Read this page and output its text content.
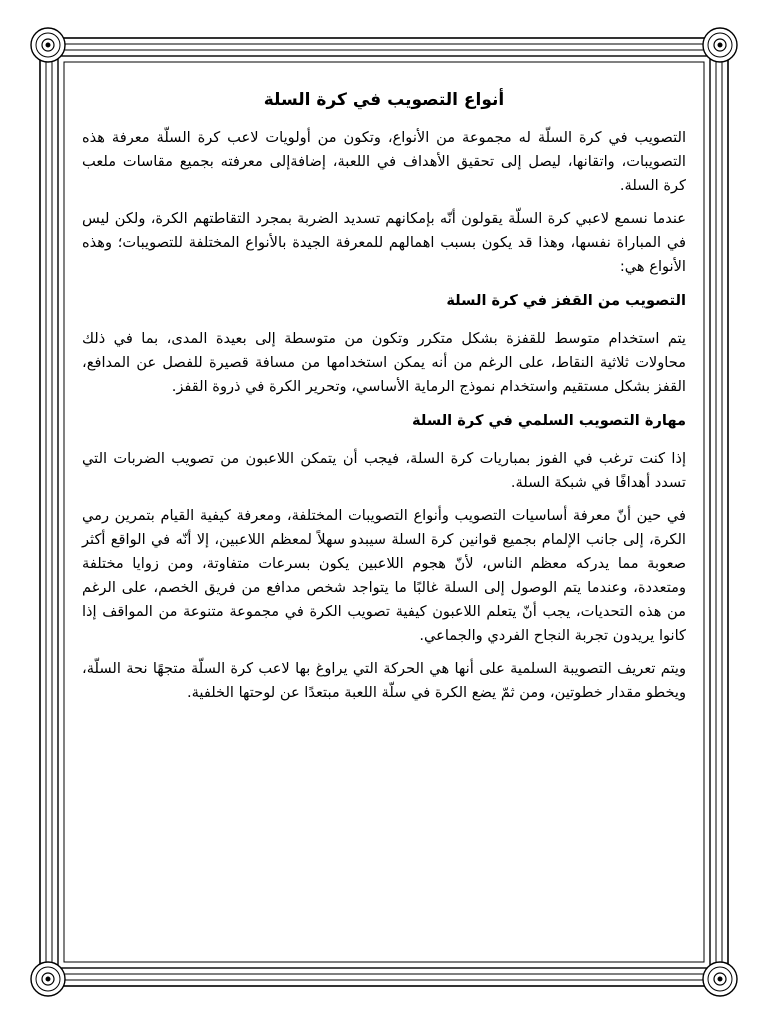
أنواع التصويب في كرة السلة

التصويب في كرة السلّة له مجموعة من الأنواع، وتكون من أولويات لاعب كرة السلّة معرفة هذه التصويبات، واتقانها، ليصل إلى تحقيق الأهداف في اللعبة، إضافةإلى معرفته بجميع مقاسات ملعب كرة السلة.

عندما نسمع لاعبي كرة السلّة يقولون أنّه بإمكانهم تسديد الضربة بمجرد التقاطتهم الكرة، ولكن ليس في المباراة نفسها، وهذا قد يكون بسبب اهمالهم للمعرفة الجيدة بالأنواع المختلفة للتصويبات؛ وهذه الأنواع هي:

التصويب من القفز في كرة السلة

يتم استخدام متوسط للقفزة بشكل متكرر وتكون من متوسطة إلى بعيدة المدى، بما في ذلك محاولات ثلاثية النقاط، على الرغم من أنه يمكن استخدامها من مسافة قصيرة للفصل عن المدافع، القفز بشكل مستقيم واستخدام نموذج الرماية الأساسي، وتحرير الكرة في ذروة القفز.

مهارة التصويب السلمي في كرة السلة

إذا كنت ترغب في الفوز بمباريات كرة السلة، فيجب أن يتمكن اللاعبون من تصويب الضربات التي تسدد أهدافًا في شبكة السلة.

في حين أنّ معرفة أساسيات التصويب وأنواع التصويبات المختلفة، ومعرفة كيفية القيام بتمرين رمي الكرة، إلى جانب الإلمام بجميع قوانين كرة السلة سيبدو سهلاً لمعظم اللاعبين، إلا أنّه في الواقع أكثر صعوبة مما يدركه معظم الناس، لأنّ هجوم اللاعبين يكون بسرعات متفاوتة، ومن زوايا مختلفة ومتعددة، وعندما يتم الوصول إلى السلة غالبًا ما يتواجد شخص مدافع من فريق الخصم، على الرغم من هذه التحديات، يجب أنّ يتعلم اللاعبون كيفية تصويب الكرة في مجموعة متنوعة من المواقف إذا كانوا يريدون تجربة النجاح الفردي والجماعي.

ويتم تعريف التصويبة السلمية على أنها هي الحركة التي يراوغ بها لاعب كرة السلّة متجهًا نحة السلّة، ويخطو مقدار خطوتين، ومن ثمّ يضع الكرة في سلّة اللعبة مبتعدًا عن لوحتها الخلفية.
